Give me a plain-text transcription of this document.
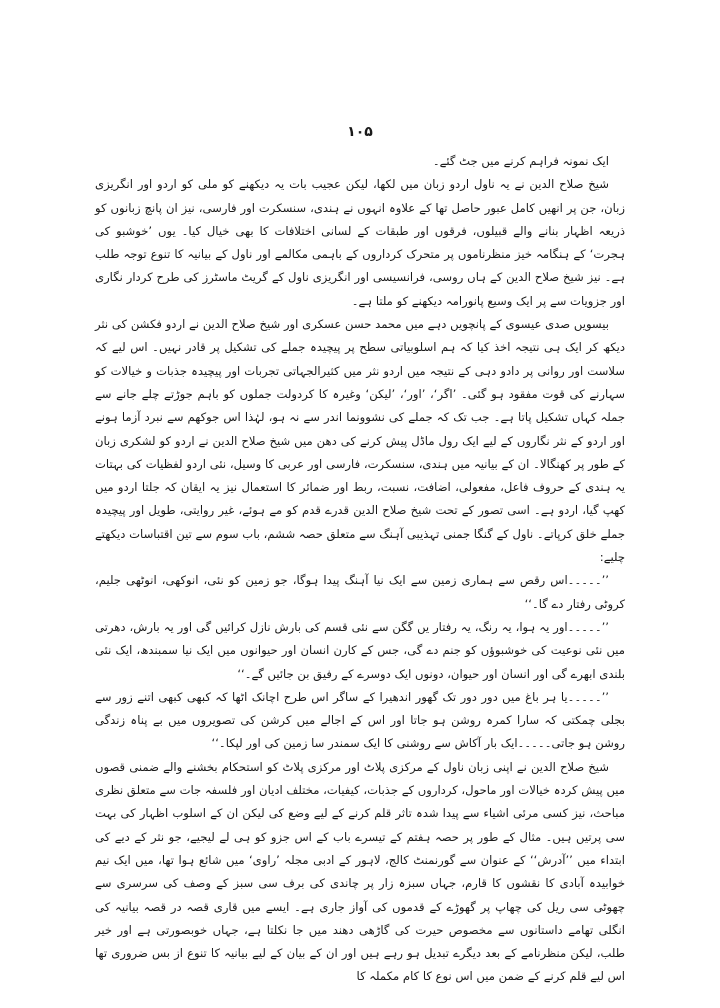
۱۰۵

ایک نمونہ فراہم کرنے میں جٹ گئے۔

شیخ صلاح الدین نے یہ ناول اردو زبان میں لکھا، لیکن عجیب بات یہ دیکھنے کو ملی کو اردو اور انگریزی زبان، جن پر انھیں کامل عبور حاصل تھا کے علاوہ انہوں نے ہندی، سنسکرت اور فارسی، نیز ان پانچ زبانوں کو ذریعہ اظہار بنانے والے قبیلوں، فرقوں اور طبقات کے لسانی اختلافات کا بھی خیال کیا۔ یوں ’خوشبو کی ہجرت‘ کے ہنگامہ خیز منظرناموں پر متحرک کرداروں کے باہمی مکالمے اور ناول کے بیانیہ کا تنوع توجہ طلب ہے۔ نیز شیخ صلاح الدین کے ہاں روسی، فرانسیسی اور انگریزی ناول کے گریٹ ماسٹرز کی طرح کردار نگاری اور جزویات سے پر ایک وسیع پانورامہ دیکھنے کو ملتا ہے۔

بیسویں صدی عیسوی کے پانچویں دہے میں محمد حسن عسکری اور شیخ صلاح الدین نے اردو فکشن کی نثر دیکھ کر ایک ہی نتیجہ اخذ کیا کہ ہم اسلوبیاتی سطح پر پیچیدہ جملے کی تشکیل پر قادر نہیں۔ اس لیے کہ سلاست اور روانی پر دادو دہی کے نتیجہ میں اردو نثر میں کثیرالجہاتی تجربات اور پیچیدہ جذبات و خیالات کو سہارنے کی قوت مفقود ہو گئی۔ ’اگر‘، ’اور‘، ’لیکن‘ وغیرہ کا کردولت جملوں کو باہم جوڑتے چلے جانے سے جملہ کہاں تشکیل پاتا ہے۔ جب تک کہ جملے کی نشوونما اندر سے نہ ہو، لہٰذا اس جوکھم سے نبرد آزما ہونے اور اردو کے نثر نگاروں کے لیے ایک رول ماڈل پیش کرنے کی دھن میں شیخ صلاح الدین نے اردو کو لشکری زبان کے طور پر کھنگالا۔ ان کے بیانیہ میں ہندی، سنسکرت، فارسی اور عربی کا وسیل، نئی اردو لفظیات کی بہتات یہ ہندی کے حروف فاعل، مفعولی، اضافت، نسبت، ربط اور ضمائر کا استعمال نیز یہ ایقان کہ جلتا اردو میں کھپ گیا، اردو ہے۔ اسی تصور کے تحت شیخ صلاح الدین قدرے قدم کو مے ہوئے، غیر روایتی، طویل اور پیچیدہ جملے خلق کرپاتے۔ ناول کے گنگا جمنی تہذیبی آہنگ سے متعلق حصہ ششم، باب سوم سے تین اقتباسات دیکھتے چلیے:

’’۔۔۔۔۔اس رقص سے ہماری زمین سے ایک نیا آہنگ پیدا ہوگا، جو زمین کو نئی، انوکھی، انوٹھی جلیم، کروٹی رفتار دے گا۔‘‘

’’۔۔۔۔۔اور یہ ہوا، یہ رنگ، یہ رفتار یں گگن سے نئی قسم کی بارش نازل کرائیں گی اور یہ بارش، دھرتی میں نئی نوعیت کی خوشبوؤں کو جنم دے گی، جس کے کارن انسان اور حیوانوں میں ایک نیا سمبندھ، ایک نئی بلندی ابھرے گی اور انسان اور حیوان، دونوں ایک دوسرے کے رفیق بن جائیں گے۔‘‘

’’۔۔۔۔۔یا ہر باغ میں دور دور تک گھور اندھیرا کے ساگر اس طرح اچانک اٹھا کہ کبھی کبھی اتنے زور سے بجلی چمکتی کہ سارا کمرہ روشن ہو جاتا اور اس کے اجالے میں کرشن کی تصویروں میں بے پناہ زندگی روشن ہو جاتی۔۔۔۔۔ایک بار آکاش سے روشنی کا ایک سمندر سا زمین کی اور لپکا۔‘‘

شیخ صلاح الدین نے اپنی زبان ناول کے مرکزی پلاٹ اور مرکزی پلاٹ کو استحکام بخشنے والے ضمنی قصوں میں پیش کردہ خیالات اور ماحول، کرداروں کے جذبات، کیفیات، مختلف ادیان اور فلسفہ جات سے متعلق نظری مباحث، نیز کسی مرئی اشیاء سے پیدا شدہ تاثر قلم کرنے کے لیے وضع کی لیکن ان کے اسلوب اظہار کی بہت سی پرتیں ہیں۔ مثال کے طور پر حصہ ہفتم کے تیسرے باب کے اس جزو کو ہی لے لیجیے، جو نثر کے دیے کی ابتداء میں ’’آدرش‘‘ کے عنوان سے گورنمنٹ کالج، لاہور کے ادبی مجلہ ’راوی‘ میں شائع ہوا تھا، میں ایک نیم خوابیدہ آبادی کا نقشوں کا قارم، جہاں سبزہ زار پر چاندی کی برف سی سبز کے وصف کی سرسری سے چھوٹی سی ریل کی چھاپ پر گھوڑے کے قدموں کی آواز جاری ہے۔ ایسے میں قاری قصہ در قصہ بیانیہ کی انگلی تھامے داستانوں سے مخصوص حیرت کی گاڑھی دھند میں جا نکلتا ہے، جہاں خوبصورتی ہے اور خیر طلب، لیکن منظرنامے کے بعد دیگرے تبدیل ہو رہے ہیں اور ان کے بیان کے لیے بیانیہ کا تنوع از بس ضروری تھا اس لیے قلم کرنے کے ضمن میں اس نوع کا کام مکملہ کا
